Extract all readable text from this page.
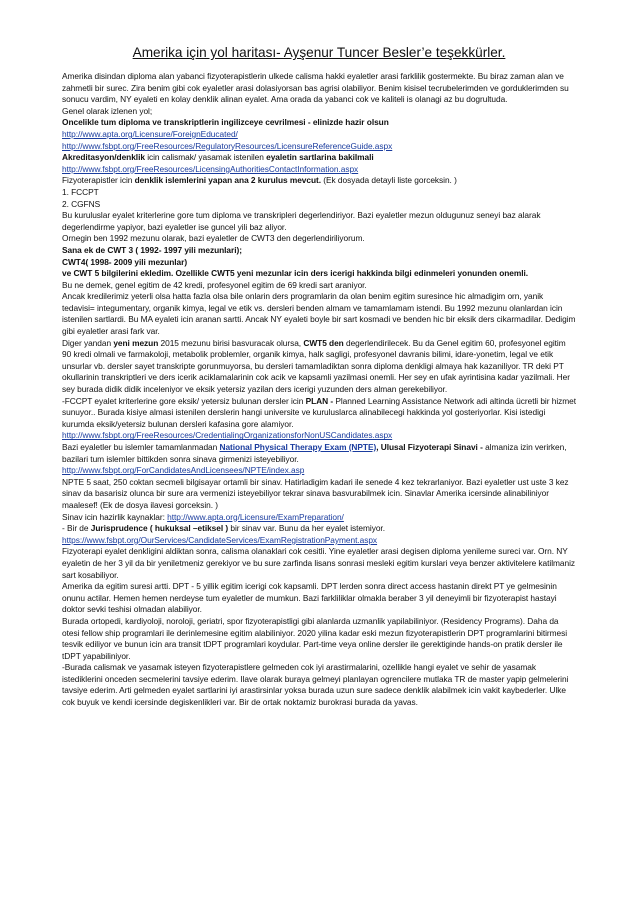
Amerika için yol haritası- Ayşenur Tuncer Besler’e teşekkürler.

Amerika disindan diploma alan yabanci fizyoterapistlerin ulkede calisma hakki eyaletler arasi farklilik gostermekte. Bu biraz zaman alan ve zahmetli bir surec. Zira benim gibi cok eyaletler arasi dolasiyorsan bas agrisi olabiliyor. Benim kisisel tecrubelerimden ve gorduklerimden su sonucu vardim, NY eyaleti en kolay denklik alinan eyalet. Ama orada da yabanci cok ve kaliteli is olanagi az bu dogrultuda.

Genel olarak izlenen yol;

Oncelikle tum diploma ve transkriptlerin ingilizceye cevrilmesi - elinizde hazir olsun

http://www.apta.org/Licensure/ForeignEducated/

http://www.fsbpt.org/FreeResources/RegulatoryResources/LicensureReferenceGuide.aspx

Akreditasyon/denklik icin calismak/ yasamak istenilen eyaletin sartlarina bakilmali

http://www.fsbpt.org/FreeResources/LicensingAuthoritiesContactInformation.aspx

Fizyoterapistler icin denklik islemlerini yapan ana 2 kurulus mevcut. (Ek dosyada detayli liste gorceksin. )

1. FCCPT

2. CGFNS

Bu kuruluslar eyalet kriterlerine gore tum diploma ve transkripleri degerlendiriyor. Bazi eyaletler mezun oldugunuz seneyi baz alarak degerlendirme yapiyor, bazi eyaletler ise guncel yili baz aliyor.

Ornegin ben 1992 mezunu olarak, bazi eyaletler de CWT3 den degerlendiriliyorum.

Sana ek de CWT 3 ( 1992- 1997 yili mezunlari);

CWT4( 1998- 2009 yili mezunlar)

ve CWT 5 bilgilerini ekledim. Ozellikle CWT5 yeni mezunlar icin ders icerigi hakkinda bilgi edinmeleri yonunden onemli.

Bu ne demek, genel egitim de 42 kredi, profesyonel egitim de 69 kredi sart araniyor.

Ancak kredilerimiz yeterli olsa hatta fazla olsa bile onlarin ders programlarin da olan benim egitim suresince hic almadigim orn, yanik tedavisi= integumentary, organik kimya, legal ve etik vs. dersleri benden almam ve tamamlamam istendi. Bu 1992 mezunu olanlardan icin istenilen sartlardi. Bu MA eyaleti icin aranan sartti. Ancak NY eyaleti boyle bir sart kosmadi ve benden hic bir eksik ders cikarmadilar. Dedigim gibi eyaletler arasi fark var.

Diger yandan yeni mezun 2015 mezunu birisi basvuracak olursa, CWT5 den degerlendirilecek. Bu da Genel egitim 60, profesyonel egitim 90 kredi olmali ve farmakoloji, metabolik problemler, organik kimya, halk sagligi, profesyonel davranis bilimi, idare-yonetim, legal ve etik unsurlar vb. dersler sayet transkripte gorunmuyorsa, bu dersleri tamamladiktan sonra diploma denkligi almaya hak kazaniliyor. TR deki PT okullarinin transkriptleri ve ders icerik aciklamalarinin cok acik ve kapsamli yazilmasi onemli. Her sey en ufak ayrintisina kadar yazilmali. Her sey burada didik didik inceleniyor ve eksik yetersiz yazilan ders icerigi yuzunden ders alman gerekebiliyor.

-FCCPT eyalet kriterlerine gore eksik/ yetersiz bulunan dersler icin PLAN - Planned Learning Assistance Network adi altinda ücretli bir hizmet sunuyor.. Burada kisiye almasi istenilen derslerin hangi universite ve kuruluslarca alinabilecegi hakkinda yol gosteriyorlar. Kisi istedigi kurumda eksik/yetersiz bulunan dersleri kafasina gore alamiyor.

http://www.fsbpt.org/FreeResources/CredentialingOrganizationsforNonUSCandidates.aspx

Bazi eyaletler bu islemler tamamlanmadan National Physical Therapy Exam (NPTE), Ulusal Fizyoterapi Sinavi - almaniza izin verirken, bazilari tum islemler bittikden sonra sinava girmenizi isteyebiliyor.

http://www.fsbpt.org/ForCandidatesAndLicensees/NPTE/index.asp

NPTE 5 saat, 250 coktan secmeli bilgisayar ortamli bir sinav. Hatirladigim kadari ile senede 4 kez tekrarlaniyor. Bazi eyaletler ust uste 3 kez sinav da basarisiz olunca bir sure ara vermenizi isteyebiliyor tekrar sinava basvurabilmek icin. Sinavlar Amerika icersinde alinabiliniyor maalesef! (Ek de dosya ilavesi gorceksin. )

Sinav icin hazirlik kaynaklar: http://www.apta.org/Licensure/ExamPreparation/

- Bir de Jurisprudence ( hukuksal –etiksel ) bir sinav var. Bunu da her eyalet istemiyor.

https://www.fsbpt.org/OurServices/CandidateServices/ExamRegistrationPayment.aspx

Fizyoterapi eyalet denkligini aldiktan sonra, calisma olanaklari cok cesitli. Yine eyaletler arasi degisen diploma yenileme sureci var. Orn. NY eyaletin de her 3 yil da bir yeniletmeniz gerekiyor ve bu sure zarfinda lisans sonrasi mesleki egitim kurslari veya benzer aktivitelere katilmaniz sart kosabiliyor.

Amerika da egitim suresi artti. DPT - 5 yillik egitim icerigi cok kapsamli. DPT lerden sonra direct access hastanin direkt PT ye gelmesinin onunu actilar. Hemen hemen nerdeyse tum eyaletler de mumkun. Bazi farkliliklar olmakla beraber 3 yil deneyimli bir fizyoterapist hastayi doktor sevki teshisi olmadan alabiliyor.

Burada ortopedi, kardiyoloji, noroloji, geriatri, spor fizyoterapistligi gibi alanlarda uzmanlik yapilabiliniyor. (Residency Programs). Daha da otesi fellow ship programlari ile derinlemesine egitim alabiliniyor. 2020 yilina kadar eski mezun fizyoterapistlerin DPT programlarini bitirmesi tesvik ediliyor ve bunun icin ara transit tDPT programlari koydular. Part-time veya online dersler ile gerektiginde hands-on pratik dersler ile tDPT yapabiliniyor.

-Burada calismak ve yasamak isteyen fizyoterapistlere gelmeden cok iyi arastirmalarini, ozellikle hangi eyalet ve sehir de yasamak istediklerini onceden secmelerini tavsiye ederim. Ilave olarak buraya gelmeyi planlayan ogrencilere mutlaka TR de master yapip gelmelerini tavsiye ederim. Arti gelmeden eyalet sartlarini iyi arastirsinlar yoksa burada uzun sure sadece denklik alabilmek icin vakit kaybederler. Ulke cok buyuk ve kendi icersinde degiskenlikleri var. Bir de ortak noktamiz burokrasi burada da yavas.
